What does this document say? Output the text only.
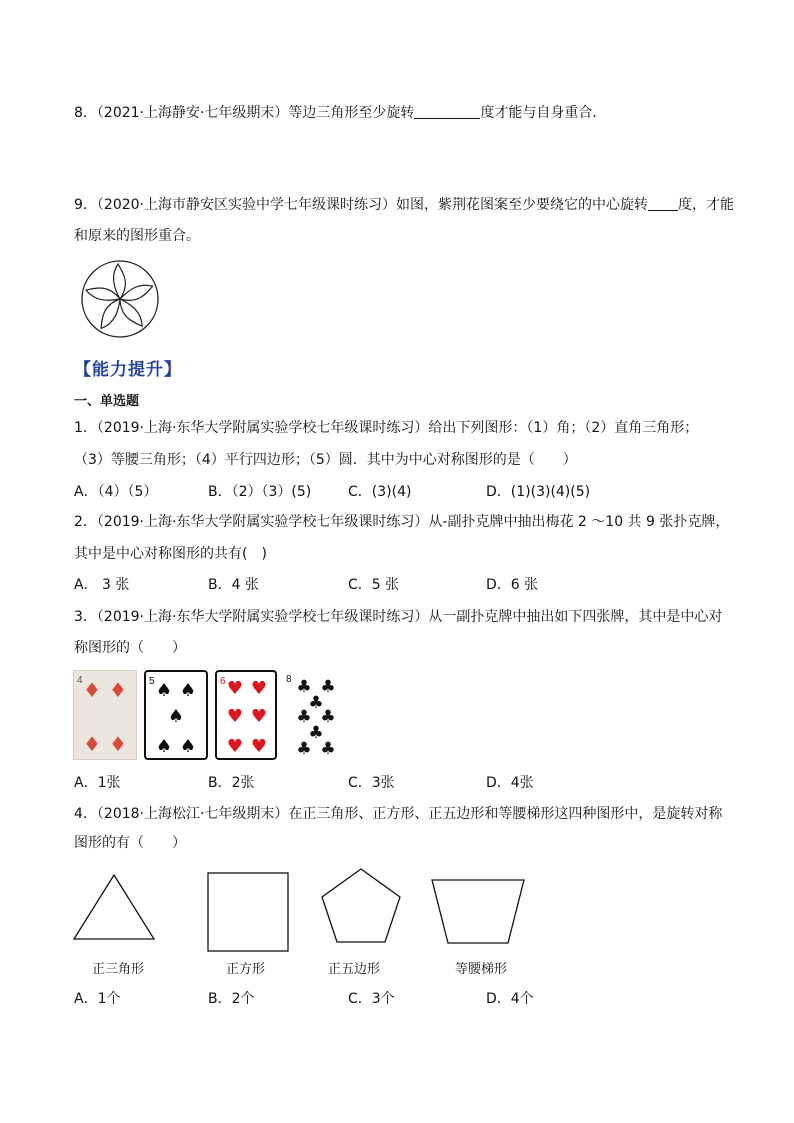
8．（2021·上海静安·七年级期末）等边三角形至少旋转	度才能与自身重合．
9．（2020·上海市静安区实验中学七年级课时练习）如图，紫荆花图案至少要绕它的中心旋转 度，才能
和原来的图形重合。
【能力提升】
一、单选题
1．（2019·上海·东华大学附属实验学校七年级课时练习）给出下列图形：（1）角；（2）直角三角形；
（3）等腰三角形；（4）平行四边形；（5）圆．其中为中心对称图形的是（　　）
A．（4）（5）	B．（2）（3）(5)	C．(3)(4)	D．(1)(3)(4)(5)
2．（2019·上海·东华大学附属实验学校七年级课时练习）从-副扑克牌中抽出梅花 2 ～10 共 9 张扑克牌，
其中是中心对称图形的共有(　)
A． 3 张	B．4 张	C．5 张	D．6 张
3．（2019·上海·东华大学附属实验学校七年级课时练习）从一副扑克牌中抽出如下四张牌，其中是中心对
称图形的（　　）
4 ♦ ♦
♦ ♦
5 ♠ ♠
♠
♠ ♠
6 ♥ ♥
♥ ♥
♥ ♥
8 ♣ ♣
♣
♣ ♣
♣
♣ ♣
A．1张	B．2张	C．3张	D．4张
4．（2018·上海松江·七年级期末）在正三角形、正方形、正五边形和等腰梯形这四种图形中，是旋转对称
图形的有（　　）
正三角形	正方形	正五边形	等腰梯形
A．1个	B．2个	C．3个	D．4个
